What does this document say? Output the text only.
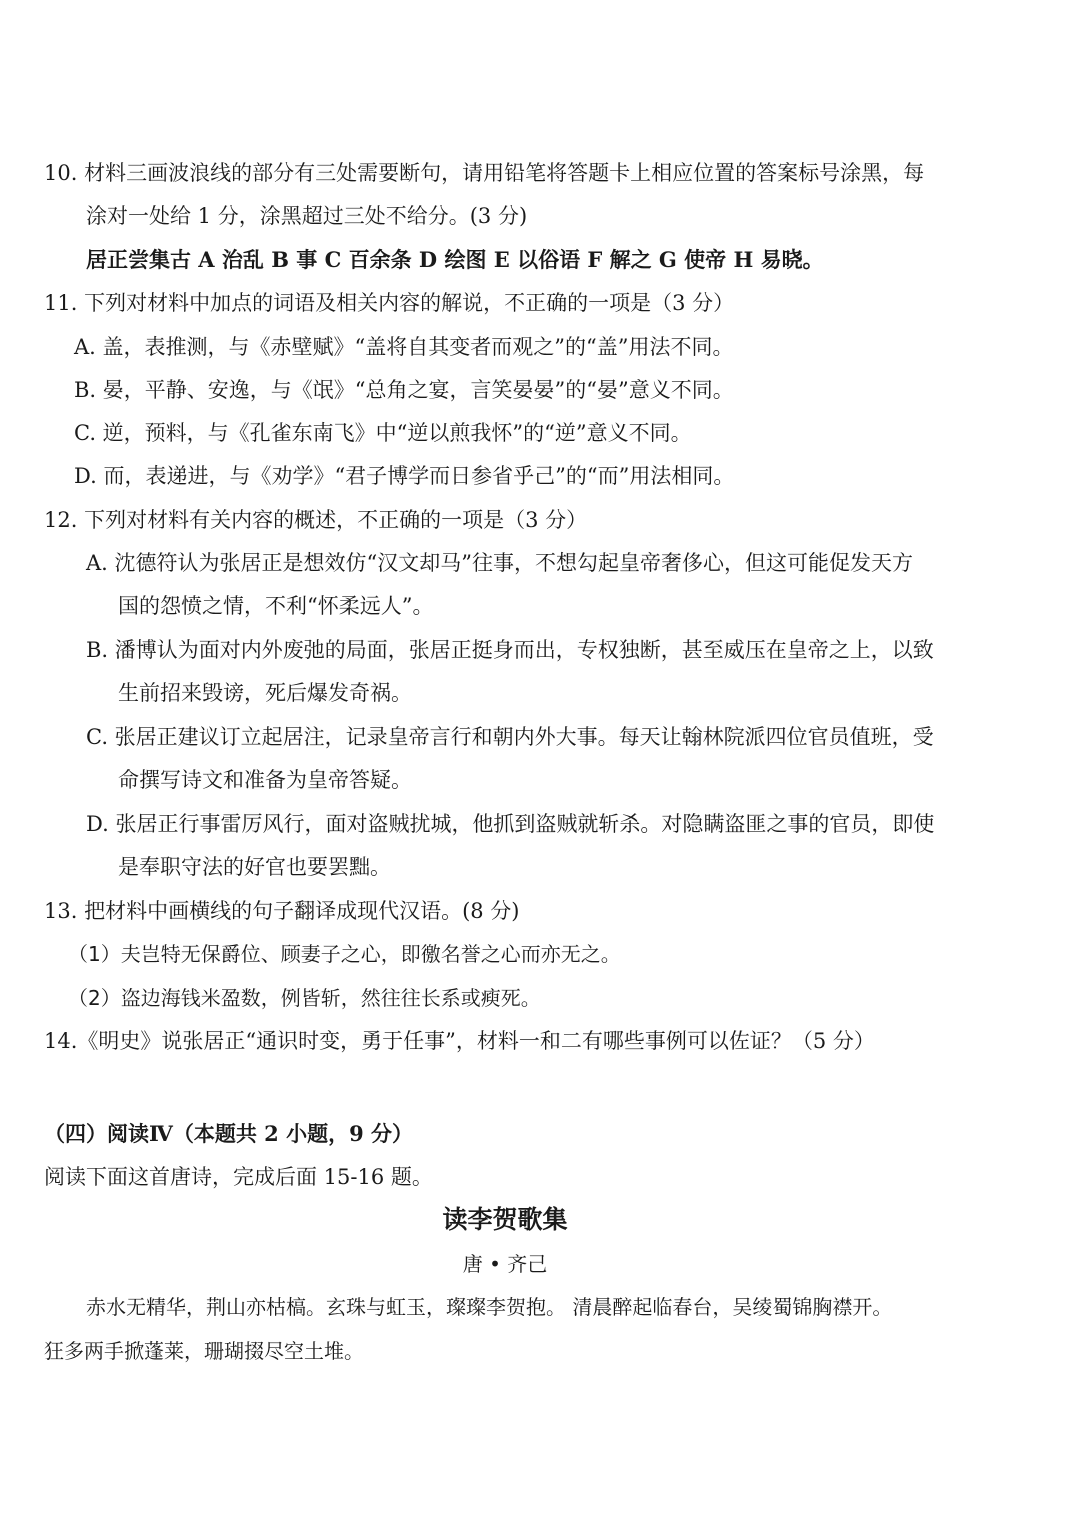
10. 材料三画波浪线的部分有三处需要断句，请用铅笔将答题卡上相应位置的答案标号涂黑，每
涂对一处给 1 分，涂黑超过三处不给分。(3 分)
居正尝集古 A 治乱 B 事 C 百余条 D 绘图 E 以俗语 F 解之 G 使帝 H 易晓。
11. 下列对材料中加点的词语及相关内容的解说，不正确的一项是（3 分）
A. 盖，表推测，与《赤壁赋》“盖将自其变者而观之”的“盖”用法不同。
B. 晏，平静、安逸，与《氓》“总角之宴，言笑晏晏”的“晏”意义不同。
C. 逆，预料，与《孔雀东南飞》中“逆以煎我怀”的“逆”意义不同。
D. 而，表递进，与《劝学》“君子博学而日参省乎己”的“而”用法相同。
12. 下列对材料有关内容的概述，不正确的一项是（3 分）
A. 沈德符认为张居正是想效仿“汉文却马”往事，不想勾起皇帝奢侈心，但这可能促发天方
国的怨愤之情，不利“怀柔远人”。
B. 潘博认为面对内外废弛的局面，张居正挺身而出，专权独断，甚至威压在皇帝之上，以致
生前招来毁谤，死后爆发奇祸。
C. 张居正建议订立起居注，记录皇帝言行和朝内外大事。每天让翰林院派四位官员值班，受
命撰写诗文和准备为皇帝答疑。
D. 张居正行事雷厉风行，面对盗贼扰城，他抓到盗贼就斩杀。对隐瞒盗匪之事的官员，即使
是奉职守法的好官也要罢黜。
13. 把材料中画横线的句子翻译成现代汉语。(8 分)
（1）夫岂特无保爵位、顾妻子之心，即徼名誉之心而亦无之。
（2）盗边海钱米盈数，例皆斩，然往往长系或瘐死。
14.《明史》说张居正“通识时变，勇于任事”，材料一和二有哪些事例可以佐证？（5 分）
（四）阅读Ⅳ（本题共 2 小题，9 分）
阅读下面这首唐诗，完成后面 15-16 题。
读李贺歌集
唐 • 齐己
赤水无精华，荆山亦枯槁。玄珠与虹玉，璨璨李贺抱。 清晨醉起临春台，吴绫蜀锦胸襟开。
狂多两手掀蓬莱，珊瑚掇尽空土堆。
